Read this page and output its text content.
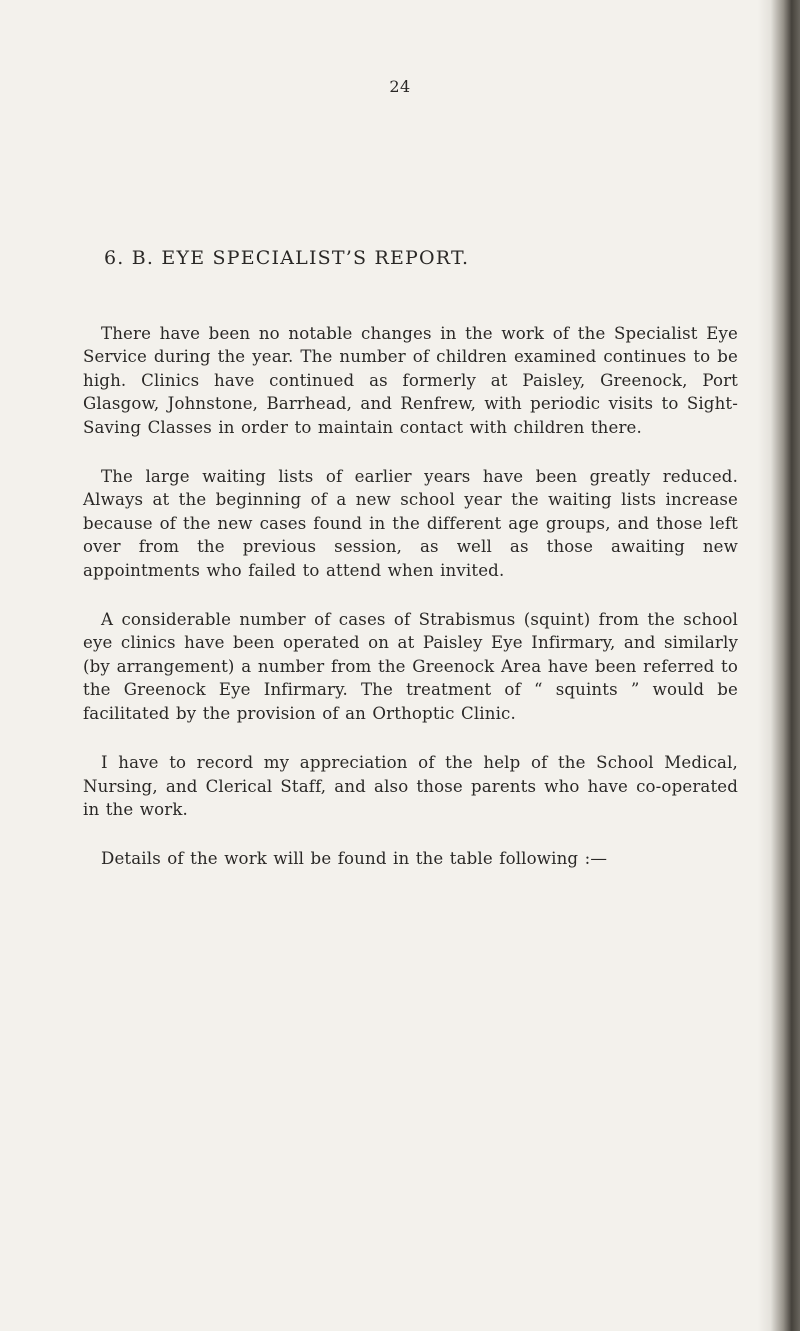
24
6. B. EYE SPECIALIST’S REPORT.

There have been no notable changes in the work of the Specialist Eye Service during the year. The number of children examined continues to be high. Clinics have continued as formerly at Paisley, Greenock, Port Glasgow, Johnstone, Barrhead, and Renfrew, with periodic visits to Sight-Saving Classes in order to maintain contact with children there.

The large waiting lists of earlier years have been greatly reduced. Always at the beginning of a new school year the waiting lists increase because of the new cases found in the different age groups, and those left over from the previous session, as well as those awaiting new appointments who failed to attend when invited.

A considerable number of cases of Strabismus (squint) from the school eye clinics have been operated on at Paisley Eye Infirmary, and similarly (by arrangement) a number from the Greenock Area have been referred to the Greenock Eye Infirmary. The treatment of “ squints ” would be facilitated by the provision of an Orthoptic Clinic.

I have to record my appreciation of the help of the School Medical, Nursing, and Clerical Staff, and also those parents who have co-operated in the work.

Details of the work will be found in the table following :—
